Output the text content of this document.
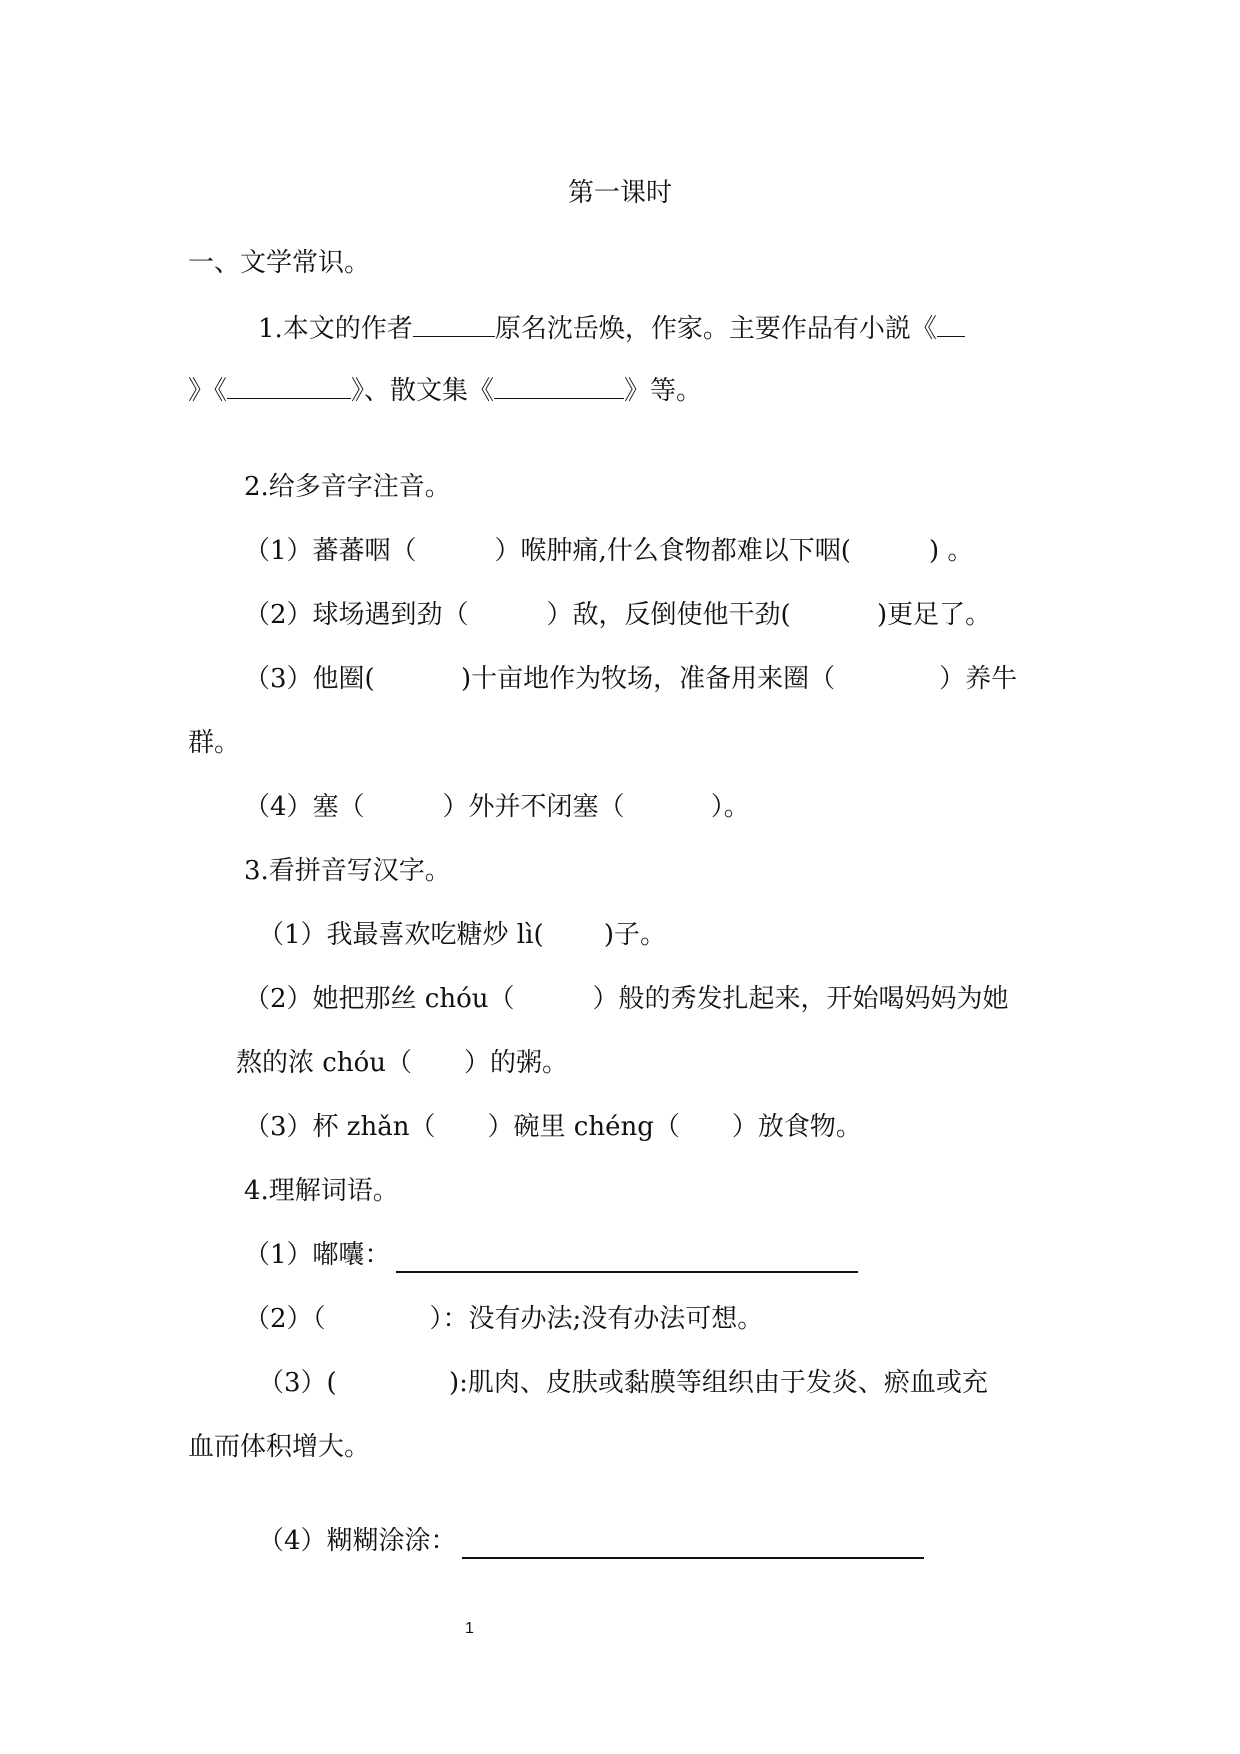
第一课时
一、文学常识。
1.本文的作者	原名沈岳焕，作家。主要作品有小説《
》《	》、散文集《	》等。
2.给多音字注音。
（1）蕃蕃咽（　　　）喉肿痛,什么食物都难以下咽(　　　) 。
（2）球场遇到劲（　　　）敌，反倒使他干劲(　　　 )更足了。
（3）他圈(　　　 )十亩地作为牧场，准备用来圈（　　　　）养牛
群。
（4）塞（　　　）外并不闭塞（　　　 ）。
3.看拼音写汉字。
（1）我最喜欢吃糖炒 lì(　　 )子。
（2）她把那丝 chóu（　　　）般的秀发扎起来，开始喝妈妈为她
熬的浓 chóu（　　）的粥。
（3）杯 zhǎn（　　）碗里 chéng（　　）放食物。
4.理解词语。
（1）嘟囔：
（2）（　　　　）：没有办法;没有办法可想。
（3）(　　　　 ):肌肉、皮肤或黏膜等组织由于发炎、瘀血或充
血而体积增大。
（4）糊糊涂涂：
1
